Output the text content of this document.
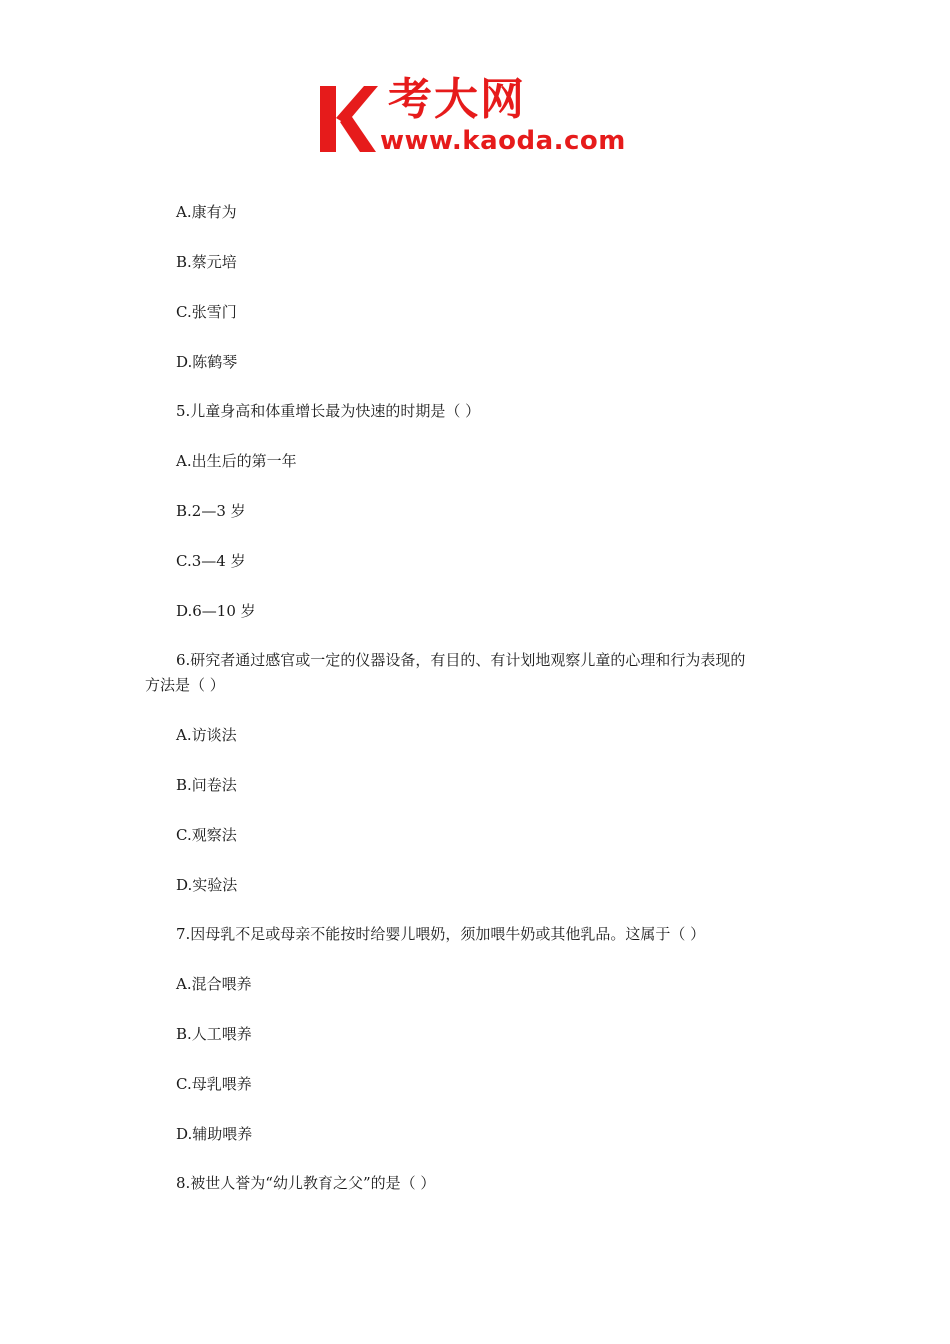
考大网
www.kaoda.com
A.康有为
B.蔡元培
C.张雪门
D.陈鹤琴
5.儿童身高和体重增长最为快速的时期是（ ）
A.出生后的第一年
B.2—3 岁
C.3—4 岁
D.6—10 岁
6.研究者通过感官或一定的仪器设备，有目的、有计划地观察儿童的心理和行为表现的
方法是（ ）
A.访谈法
B.问卷法
C.观察法
D.实验法
7.因母乳不足或母亲不能按时给婴儿喂奶，须加喂牛奶或其他乳品。这属于（ ）
A.混合喂养
B.人工喂养
C.母乳喂养
D.辅助喂养
8.被世人誉为“幼儿教育之父”的是（ ）
